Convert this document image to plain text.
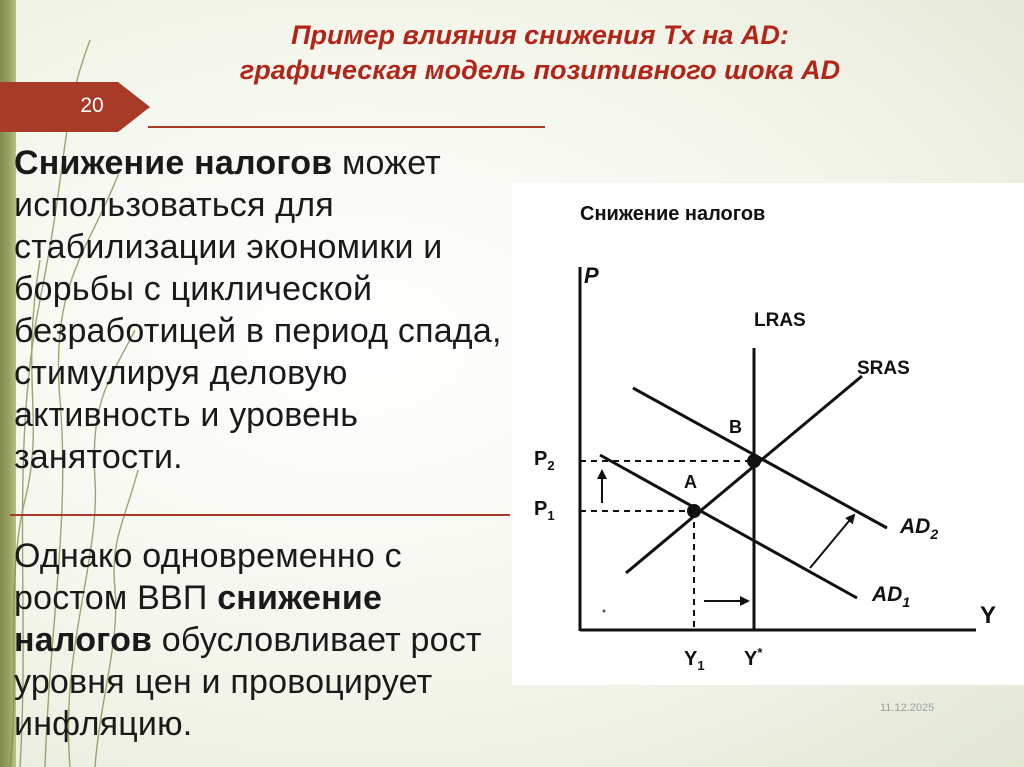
Пример влияния снижения Tx на AD:
графическая модель позитивного шока AD
20
Снижение налогов может использоваться для стабилизации экономики и борьбы с циклической безработицей в период спада, стимулируя деловую активность и уровень занятости.
Однако одновременно с ростом ВВП снижение налогов обусловливает рост уровня цен и провоцирует инфляцию.
Снижение налогов
P
Y
LRAS
SRAS
$AD_2$
$AD_1$
A
B
$P_2$
$P_1$
$Y_1$ Y*
11.12.2025
